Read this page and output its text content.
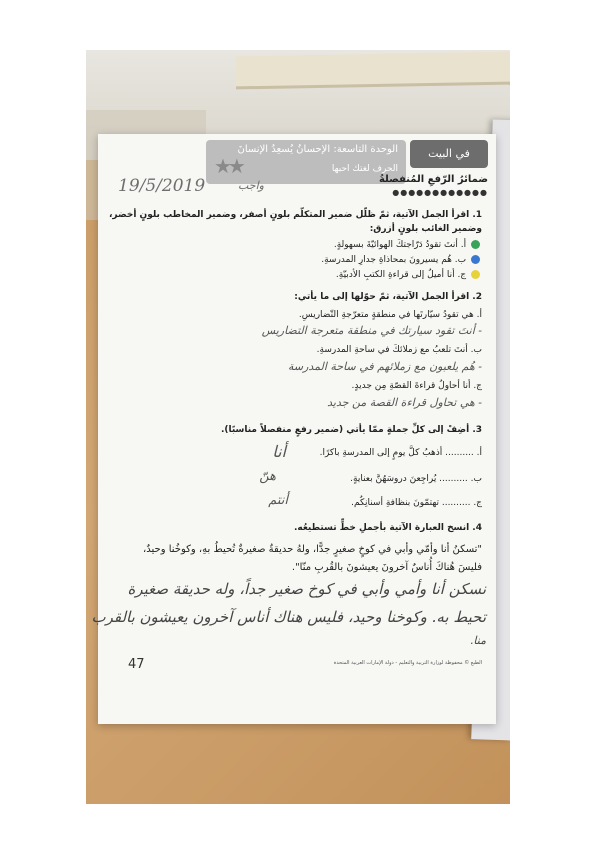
في البيت
الوحدة التاسعة: الإحسانُ يُسعِدُ الإنسانَ
الحرف لغتك احبها
★★
19/5/2019	واجب	ضمائرُ الرّفعِ المُنفصلةُ
●●●●●●●●●●●●
1. اقرأ الجمل الآتية، ثمّ ظلّل ضمير المتكلّم بلونٍ أصفر، وضمير المخاطب بلونٍ أخضر،
وضمير الغائب بلونٍ أزرق:
أ. أنتَ تقودُ دَرّاجتكَ الهوائيّةَ بسهولةٍ.
ب. هُم يسيرونَ بمحاذاةِ جدارِ المدرسةِ.
ج. أنا أميلُ إلى قراءةِ الكتبِ الأدبيّةِ.
2. اقرأ الجمل الآتية، ثمّ حوّلها إلى ما يأتي:
أ. هي تقودُ سيّارتَها في منطقةٍ متعرّجةِ التّضاريسِ.
- أنتَ تقود سيارتك في منطقة متعرجة التضاريس
ب. أنتَ تلعبُ مع زملائكَ في ساحةِ المدرسةِ.
- هُم يلعبون مع زملائهم في ساحة المدرسة
ج. أنا أحاولُ قراءةَ القصّةِ مِن جديدٍ.
- هي تحاول قراءة القصة من جديد
3. أضِفْ إلى كلِّ جملةٍ ممّا يأتي (ضمير رفعٍ منفصلاً مناسبًا).
أ. .......... أذهبُ كلَّ يومٍ إلى المدرسةِ باكرًا.
أنا
ب. .......... يُراجِعنَ دروسَهُنَّ بعنايةٍ.
هنّ
ج. .......... تهتمّونَ بنظافةِ أسنانِكُم.
أنتم
4. انسخ العبارة الآتية بأجملِ خطٍّ تستطيعُه.
"تسكنُ أنا وأمّي وأبي في كوخٍ صغيرٍ جدًّا، ولهُ حديقةٌ صغيرةٌ تُحيطُ بهِ، وكوخُنا وحيدٌ،
فليسَ هُناكَ أُناسٌ آخرونَ يعيشونَ بالقُربِ منّا".
نسكن أنا وأمي وأبي في كوخ صغير جداً، وله حديقة صغيرة
تحيط به. وكوخنا وحيد، فليس هناك أناس آخرون يعيشون بالقرب
منا.
47	الطبع © محفوظة لوزارة التربية والتعليم - دولة الإمارات العربية المتحدة
